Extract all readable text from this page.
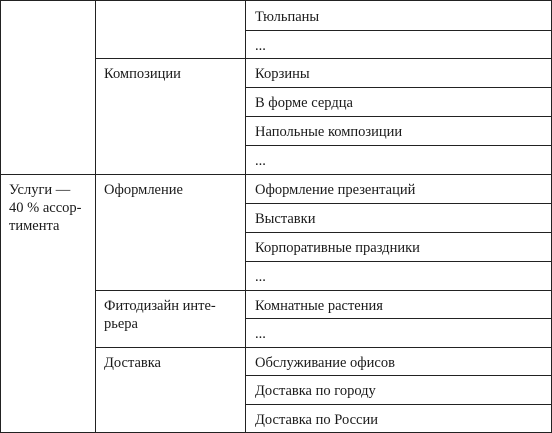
Услуги —
40 % ассор-
тимента
Композиции
Оформление
Фитодизайн инте-
рьера
Доставка
Тюльпаны
...
Корзины
В форме сердца
Напольные композиции
...
Оформление презентаций
Выставки
Корпоративные праздники
...
Комнатные растения
...
Обслуживание офисов
Доставка по городу
Доставка по России
